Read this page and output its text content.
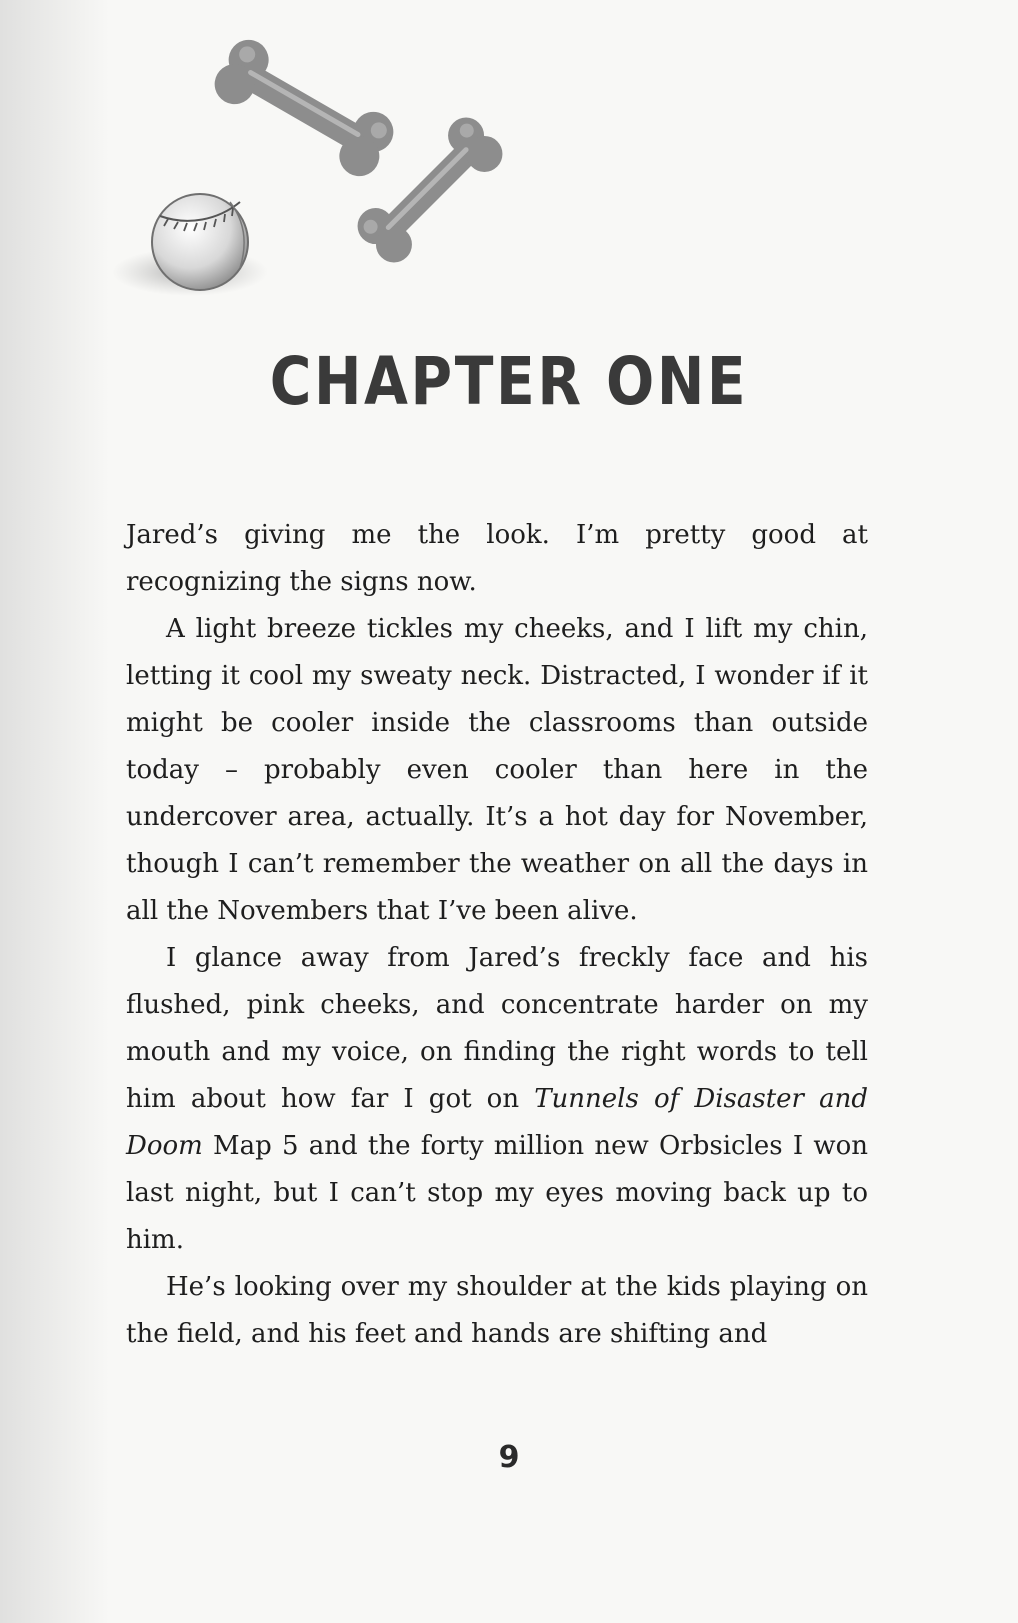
CHAPTER ONE

Jared’s giving me the look. I’m pretty good at recognizing the signs now.

A light breeze tickles my cheeks, and I lift my chin, letting it cool my sweaty neck. Distracted, I wonder if it might be cooler inside the classrooms than outside today – probably even cooler than here in the undercover area, actually. It’s a hot day for November, though I can’t remember the weather on all the days in all the Novembers that I’ve been alive.

I glance away from Jared’s freckly face and his flushed, pink cheeks, and concentrate harder on my mouth and my voice, on finding the right words to tell him about how far I got on Tunnels of Disaster and Doom Map 5 and the forty million new Orbsicles I won last night, but I can’t stop my eyes moving back up to him.

He’s looking over my shoulder at the kids playing on the field, and his feet and hands are shifting and

9
